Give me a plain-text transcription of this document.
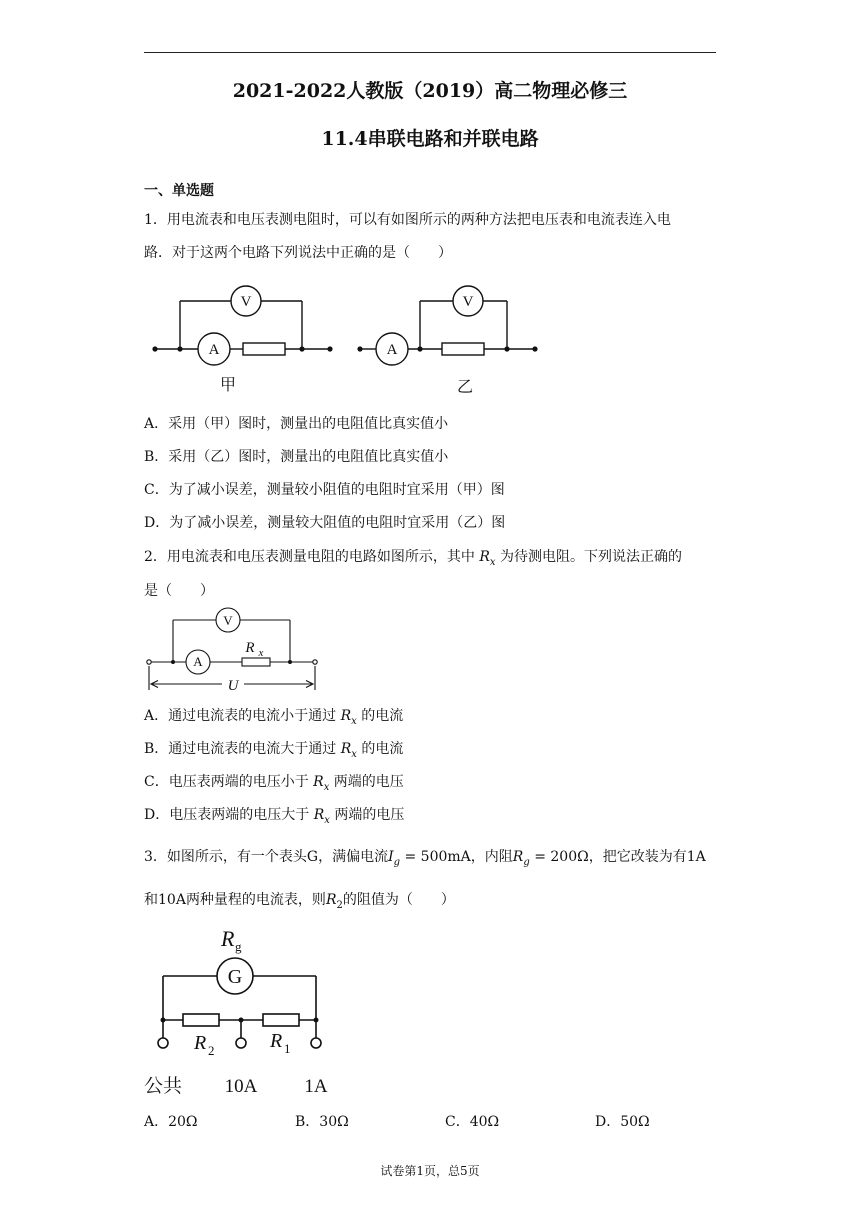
2021-2022人教版（2019）高二物理必修三
11.4串联电路和并联电路
一、单选题
1．用电流表和电压表测电阻时，可以有如图所示的两种方法把电压表和电流表连入电
路．对于这两个电路下列说法中正确的是（　　）
A
V
A
V
甲	乙
A．采用（甲）图时，测量出的电阻值比真实值小
B．采用（乙）图时，测量出的电阻值比真实值小
C．为了减小误差，测量较小阻值的电阻时宜采用（甲）图
D．为了减小误差，测量较大阻值的电阻时宜采用（乙）图
2．用电流表和电压表测量电阻的电路如图所示，其中 $R_x$ 为待测电阻。下列说法正确的
是（　　）
A
V
R x
U
A．通过电流表的电流小于通过 $R_x$ 的电流
B．通过电流表的电流大于通过 $R_x$ 的电流
C．电压表两端的电压小于 $R_x$ 两端的电压
D．电压表两端的电压大于 $R_x$ 两端的电压
3．如图所示，有一个表头G，满偏电流$I_g = 500mA$，内阻$R_g = 200\Omega$，把它改装为有1A
和10A两种量程的电流表，则$R_2$的阻值为（　　）
R g
G
R 2	R 1
公共 10A 1A
A．20Ω	B．30Ω	C．40Ω	D．50Ω
试卷第1页，总5页
